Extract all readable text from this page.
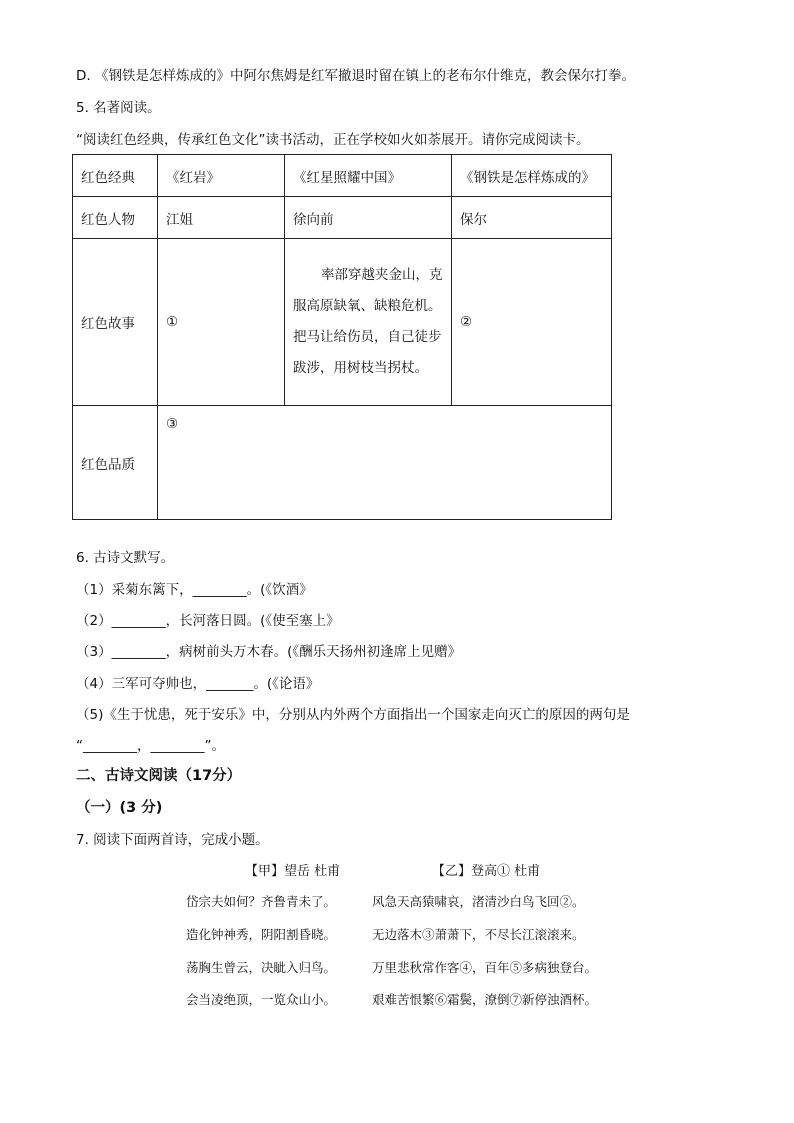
D. 《钢铁是怎样炼成的》中阿尔焦姆是红军撤退时留在镇上的老布尔什维克，教会保尔打拳。
5. 名著阅读。
“阅读红色经典，传承红色文化”读书活动，正在学校如火如荼展开。请你完成阅读卡。
红色经典	《红岩》	《红星照耀中国》	《钢铁是怎样炼成的》
红色人物	江姐	徐向前	保尔
红色故事	①	率部穿越夹金山，克服高原缺氧、缺粮危机。把马让给伤员，自己徒步跋涉，用树枝当拐杖。	②
红色品质	③		
6. 古诗文默写。
（1）采菊东篱下，________。(《饮酒》
（2）________，长河落日圆。(《使至塞上》
（3）________，病树前头万木春。(《酬乐天扬州初逢席上见赠》
（4）三军可夺帅也，_______。(《论语》
（5)《生于忧患，死于安乐》中，分别从内外两个方面指出一个国家走向灭亡的原因的两句是
“________，________”。
二、古诗文阅读（17分）
（一）(3 分)
7. 阅读下面两首诗，完成小题。
【甲】望岳 杜甫	【乙】登高① 杜甫
岱宗夫如何？齐鲁青未了。
造化钟神秀，阴阳割昏晓。
荡胸生曾云，决眦入归鸟。
会当凌绝顶，一览众山小。
风急天高猿啸哀，渚清沙白鸟飞回②。
无边落木③萧萧下，不尽长江滚滚来。
万里悲秋常作客④，百年⑤多病独登台。
艰难苦恨繁⑥霜鬓，潦倒⑦新停浊酒杯。
